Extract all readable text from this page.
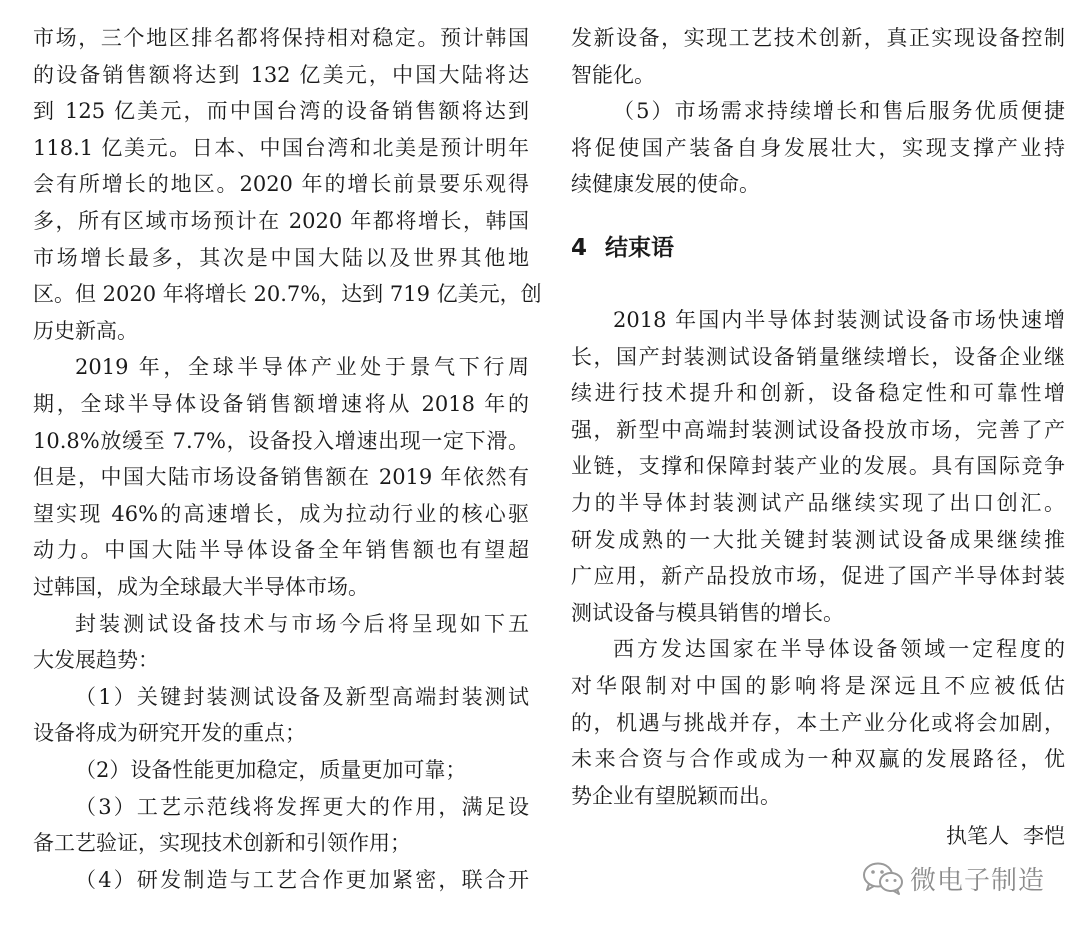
市场，三个地区排名都将保持相对稳定。预计韩国
的设备销售额将达到 132 亿美元，中国大陆将达
到 125 亿美元，而中国台湾的设备销售额将达到
118.1 亿美元。日本、中国台湾和北美是预计明年
会有所增长的地区。2020 年的增长前景要乐观得
多，所有区域市场预计在 2020 年都将增长，韩国
市场增长最多，其次是中国大陆以及世界其他地
区。但 2020 年将增长 20.7%，达到 719 亿美元，创
历史新高。
2019 年，全球半导体产业处于景气下行周
期，全球半导体设备销售额增速将从 2018 年的
10.8%放缓至 7.7%，设备投入增速出现一定下滑。
但是，中国大陆市场设备销售额在 2019 年依然有
望实现 46%的高速增长，成为拉动行业的核心驱
动力。中国大陆半导体设备全年销售额也有望超
过韩国，成为全球最大半导体市场。
封装测试设备技术与市场今后将呈现如下五
大发展趋势：
（1）关键封装测试设备及新型高端封装测试
设备将成为研究开发的重点；
（2）设备性能更加稳定，质量更加可靠；
（3）工艺示范线将发挥更大的作用，满足设
备工艺验证，实现技术创新和引领作用；
（4）研发制造与工艺合作更加紧密，联合开
4 结束语
执笔人 李恺
发新设备，实现工艺技术创新，真正实现设备控制
智能化。
（5）市场需求持续增长和售后服务优质便捷
将促使国产装备自身发展壮大，实现支撑产业持
续健康发展的使命。
2018 年国内半导体封装测试设备市场快速增
长，国产封装测试设备销量继续增长，设备企业继
续进行技术提升和创新，设备稳定性和可靠性增
强，新型中高端封装测试设备投放市场，完善了产
业链，支撑和保障封装产业的发展。具有国际竞争
力的半导体封装测试产品继续实现了出口创汇。
研发成熟的一大批关键封装测试设备成果继续推
广应用，新产品投放市场，促进了国产半导体封装
测试设备与模具销售的增长。
西方发达国家在半导体设备领域一定程度的
对华限制对中国的影响将是深远且不应被低估
的，机遇与挑战并存，本土产业分化或将会加剧，
未来合资与合作或成为一种双赢的发展路径，优
势企业有望脱颖而出。
微电子制造
